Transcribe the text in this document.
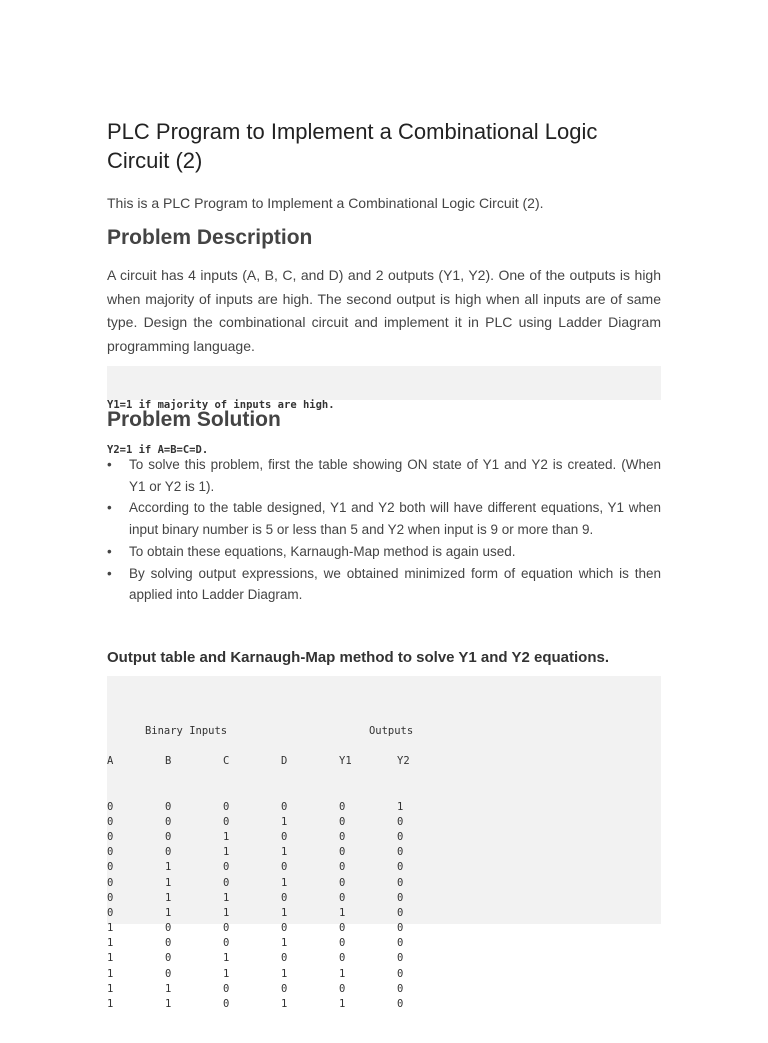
PLC Program to Implement a Combinational Logic Circuit (2)

This is a PLC Program to Implement a Combinational Logic Circuit (2).

Problem Description

A circuit has 4 inputs (A, B, C, and D) and 2 outputs (Y1, Y2). One of the outputs is high when majority of inputs are high. The second output is high when all inputs are of same type. Design the combinational circuit and implement it in PLC using Ladder Diagram programming language.

Y1=1 if majority of inputs are high.

Y2=1 if A=B=C=D.

Problem Solution
•	To solve this problem, first the table showing ON state of Y1 and Y2 is created. (When Y1 or Y2 is 1).
•	According to the table designed, Y1 and Y2 both will have different equations, Y1 when input binary number is 5 or less than 5 and Y2 when input is 9 or more than 9.
•	To obtain these equations, Karnaugh-Map method is again used.
•	By solving output expressions, we obtained minimized form of equation which is then applied into Ladder Diagram.
Output table and Karnaugh-Map method to solve Y1 and Y2 equations.

Binary Inputs	Outputs

A	B	C	D	Y1	Y2

0	0	0	0	0	1
0	0	0	1	0	0
0	0	1	0	0	0
0	0	1	1	0	0
0	1	0	0	0	0
0	1	0	1	0	0
0	1	1	0	0	0
0	1	1	1	1	0
1	0	0	0	0	0
1	0	0	1	0	0
1	0	1	0	0	0
1	0	1	1	1	0
1	1	0	0	0	0
1	1	0	1	1	0
